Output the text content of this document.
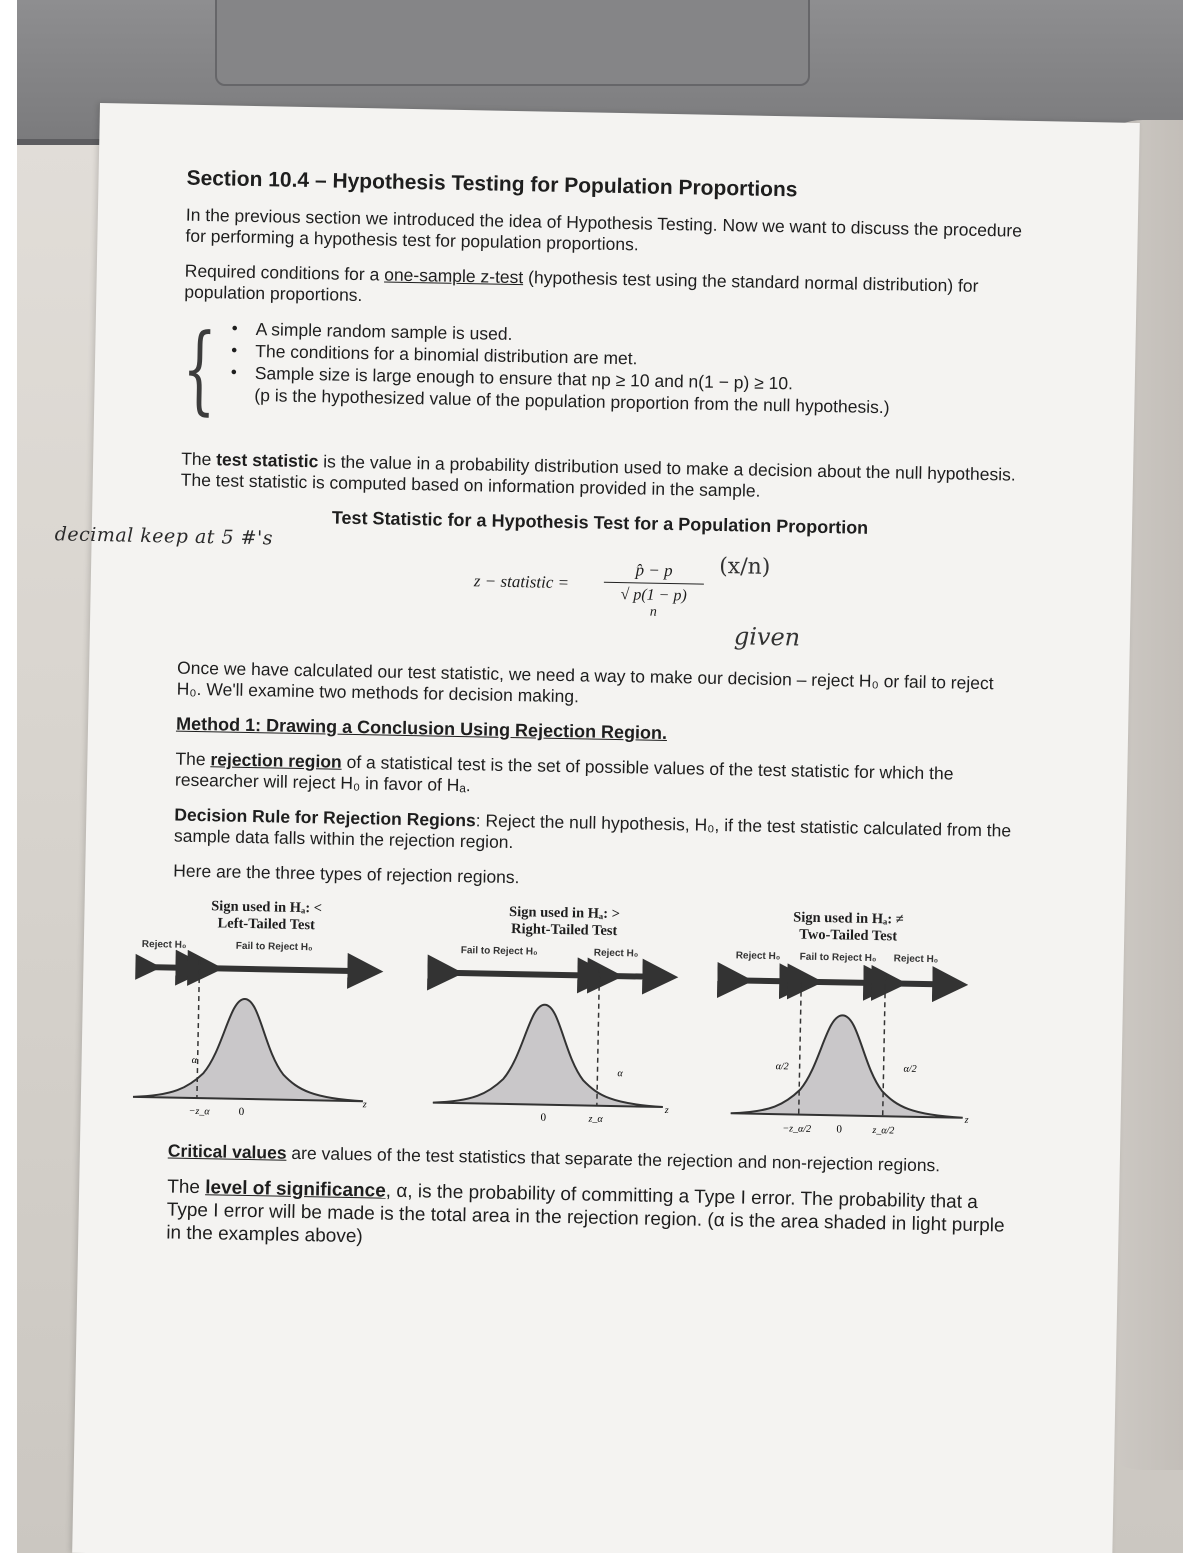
Section 10.4 – Hypothesis Testing for Population Proportions

In the previous section we introduced the idea of Hypothesis Testing. Now we want to discuss the procedure for performing a hypothesis test for population proportions.

Required conditions for a one-sample z-test (hypothesis test using the standard normal distribution) for population proportions.

{ • A simple random sample is used.
• The conditions for a binomial distribution are met.
• Sample size is large enough to ensure that np ≥ 10 and n(1 − p) ≥ 10.
(p is the hypothesized value of the population proportion from the null hypothesis.)

The test statistic is the value in a probability distribution used to make a decision about the null hypothesis. The test statistic is computed based on information provided in the sample.

Test Statistic for a Hypothesis Test for a Population Proportion
decimal keep at 5 #'s
z − statistic =
p̂ − p
√ p(1 − p)
n
(x/n)
given

Once we have calculated our test statistic, we need a way to make our decision – reject H₀ or fail to reject H₀. We'll examine two methods for decision making.

Method 1: Drawing a Conclusion Using Rejection Region.

The rejection region of a statistical test is the set of possible values of the test statistic for which the researcher will reject H₀ in favor of Hₐ.

Decision Rule for Rejection Regions: Reject the null hypothesis, H₀, if the test statistic calculated from the sample data falls within the rejection region.

Here are the three types of rejection regions.

Sign used in Hₐ: <
Left-Tailed Test
Sign used in Hₐ: >
Right-Tailed Test
Sign used in Hₐ: ≠
Two-Tailed Test
Reject H₀	Fail to Reject H₀	Fail to Reject H₀	Reject H₀	Reject H₀ Fail to Reject H₀ Reject H₀
α
−z_α	0
z
α
0	z_α
z
α/2	α/2
−z_α/2 0	z_α/2
z

Critical values are values of the test statistics that separate the rejection and non-rejection regions.

The level of significance, α, is the probability of committing a Type I error. The probability that a Type I error will be made is the total area in the rejection region. (α is the area shaded in light purple in the examples above)
